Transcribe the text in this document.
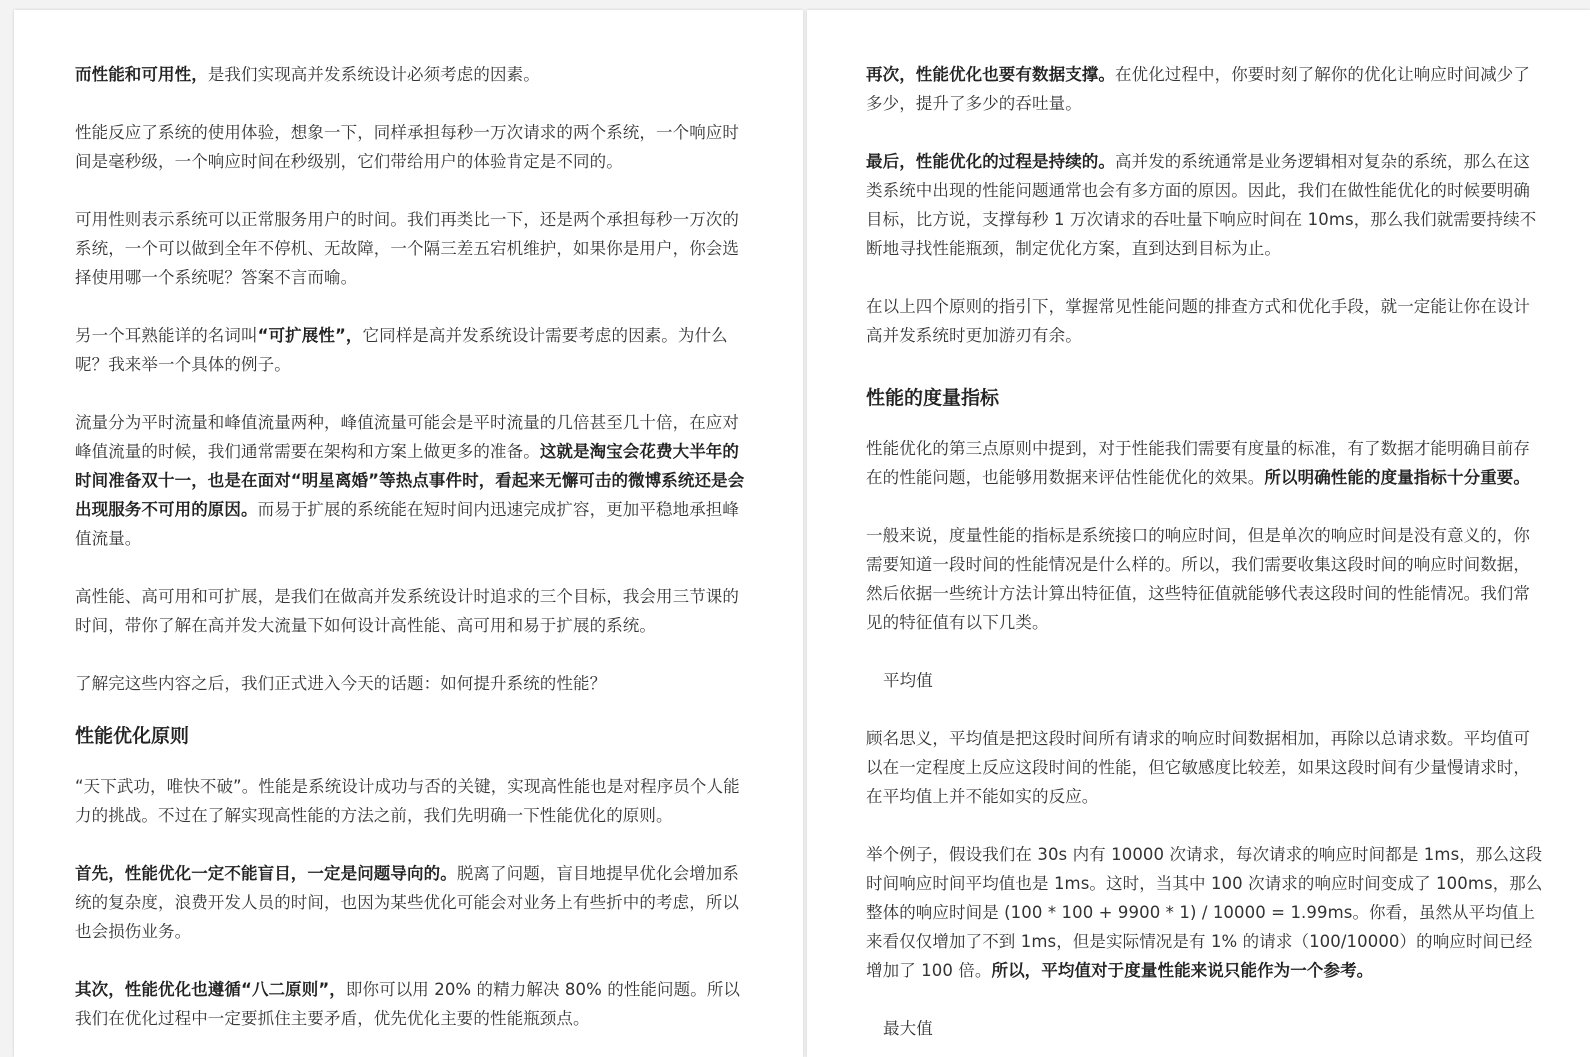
而性能和可用性，是我们实现高并发系统设计必须考虑的因素。

性能反应了系统的使用体验，想象一下，同样承担每秒一万次请求的两个系统，一个响应时间是毫秒级，一个响应时间在秒级别，它们带给用户的体验肯定是不同的。

可用性则表示系统可以正常服务用户的时间。我们再类比一下，还是两个承担每秒一万次的系统，一个可以做到全年不停机、无故障，一个隔三差五宕机维护，如果你是用户，你会选择使用哪一个系统呢？答案不言而喻。

另一个耳熟能详的名词叫“可扩展性”，它同样是高并发系统设计需要考虑的因素。为什么呢？我来举一个具体的例子。

流量分为平时流量和峰值流量两种，峰值流量可能会是平时流量的几倍甚至几十倍，在应对峰值流量的时候，我们通常需要在架构和方案上做更多的准备。这就是淘宝会花费大半年的时间准备双十一，也是在面对“明星离婚”等热点事件时，看起来无懈可击的微博系统还是会出现服务不可用的原因。而易于扩展的系统能在短时间内迅速完成扩容，更加平稳地承担峰值流量。

高性能、高可用和可扩展，是我们在做高并发系统设计时追求的三个目标，我会用三节课的时间，带你了解在高并发大流量下如何设计高性能、高可用和易于扩展的系统。

了解完这些内容之后，我们正式进入今天的话题：如何提升系统的性能？

性能优化原则

“天下武功，唯快不破”。性能是系统设计成功与否的关键，实现高性能也是对程序员个人能力的挑战。不过在了解实现高性能的方法之前，我们先明确一下性能优化的原则。

首先，性能优化一定不能盲目，一定是问题导向的。脱离了问题，盲目地提早优化会增加系统的复杂度，浪费开发人员的时间，也因为某些优化可能会对业务上有些折中的考虑，所以也会损伤业务。

其次，性能优化也遵循“八二原则”，即你可以用 20% 的精力解决 80% 的性能问题。所以我们在优化过程中一定要抓住主要矛盾，优先优化主要的性能瓶颈点。

再次，性能优化也要有数据支撑。在优化过程中，你要时刻了解你的优化让响应时间减少了多少，提升了多少的吞吐量。

最后，性能优化的过程是持续的。高并发的系统通常是业务逻辑相对复杂的系统，那么在这类系统中出现的性能问题通常也会有多方面的原因。因此，我们在做性能优化的时候要明确目标，比方说，支撑每秒 1 万次请求的吞吐量下响应时间在 10ms，那么我们就需要持续不断地寻找性能瓶颈，制定优化方案，直到达到目标为止。

在以上四个原则的指引下，掌握常见性能问题的排查方式和优化手段，就一定能让你在设计高并发系统时更加游刃有余。

性能的度量指标

性能优化的第三点原则中提到，对于性能我们需要有度量的标准，有了数据才能明确目前存在的性能问题，也能够用数据来评估性能优化的效果。所以明确性能的度量指标十分重要。

一般来说，度量性能的指标是系统接口的响应时间，但是单次的响应时间是没有意义的，你需要知道一段时间的性能情况是什么样的。所以，我们需要收集这段时间的响应时间数据，然后依据一些统计方法计算出特征值，这些特征值就能够代表这段时间的性能情况。我们常见的特征值有以下几类。

平均值

顾名思义，平均值是把这段时间所有请求的响应时间数据相加，再除以总请求数。平均值可以在一定程度上反应这段时间的性能，但它敏感度比较差，如果这段时间有少量慢请求时，在平均值上并不能如实的反应。

举个例子，假设我们在 30s 内有 10000 次请求，每次请求的响应时间都是 1ms，那么这段时间响应时间平均值也是 1ms。这时，当其中 100 次请求的响应时间变成了 100ms，那么整体的响应时间是 (100 * 100 + 9900 * 1) / 10000 = 1.99ms。你看，虽然从平均值上来看仅仅增加了不到 1ms，但是实际情况是有 1% 的请求（100/10000）的响应时间已经增加了 100 倍。所以，平均值对于度量性能来说只能作为一个参考。

最大值
